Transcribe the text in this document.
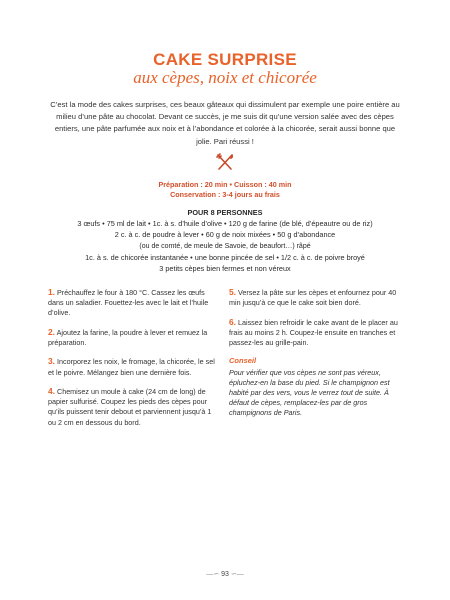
CAKE SURPRISE
aux cèpes, noix et chicorée

C’est la mode des cakes surprises, ces beaux gâteaux qui dissimulent par exemple une poire entière au milieu d’une pâte au chocolat. Devant ce succès, je me suis dit qu’une version salée avec des cèpes entiers, une pâte parfumée aux noix et à l’abondance et colorée à la chicorée, serait aussi bonne que jolie. Pari réussi !

Préparation : 20 min • Cuisson : 40 min
Conservation : 3-4 jours au frais
POUR 8 PERSONNES
3 œufs • 75 ml de lait • 1c. à s. d’huile d’olive • 120 g de farine (de blé, d’épeautre ou de riz)
2 c. à c. de poudre à lever • 60 g de noix mixées • 50 g d’abondance
(ou de comté, de meule de Savoie, de beaufort…) râpé
1c. à s. de chicorée instantanée • une bonne pincée de sel • 1/2 c. à c. de poivre broyé
3 petits cèpes bien fermes et non véreux

1. Préchauffez le four à 180 °C. Cassez les œufs dans un saladier. Fouettez-les avec le lait et l’huile d’olive.

2. Ajoutez la farine, la poudre à lever et remuez la préparation.

3. Incorporez les noix, le fromage, la chicorée, le sel et le poivre. Mélangez bien une dernière fois.

4. Chemisez un moule à cake (24 cm de long) de papier sulfurisé. Coupez les pieds des cèpes pour qu’ils puissent tenir debout et parviennent jusqu’à 1 ou 2 cm en dessous du bord.

5. Versez la pâte sur les cèpes et enfournez pour 40 min jusqu’à ce que le cake soit bien doré.

6. Laissez bien refroidir le cake avant de le placer au frais au moins 2 h. Coupez-le ensuite en tranches et passez-les au grille-pain.

Conseil

Pour vérifier que vos cèpes ne sont pas véreux, épluchez-en la base du pied. Si le champignon est habité par des vers, vous le verrez tout de suite. À défaut de cèpes, remplacez-les par de gros champignons de Paris.

—∽ 93 ∽—
